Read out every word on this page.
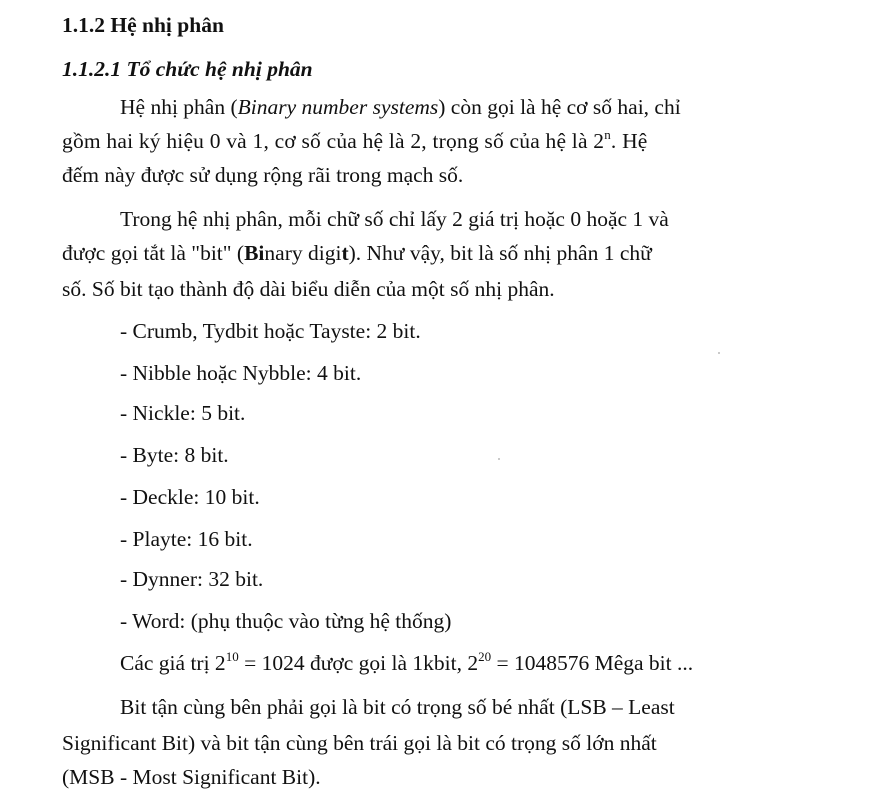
1.1.2 Hệ nhị phân
1.1.2.1 Tổ chức hệ nhị phân
Hệ nhị phân (Binary number systems) còn gọi là hệ cơ số hai, chỉ
gồm hai ký hiệu 0 và 1, cơ số của hệ là 2, trọng số của hệ là 2$^n$. Hệ
đếm này được sử dụng rộng rãi trong mạch số.
Trong hệ nhị phân, mỗi chữ số chỉ lấy 2 giá trị hoặc 0 hoặc 1 và
được gọi tắt là "bit" (Binary digit). Như vậy, bit là số nhị phân 1 chữ
số. Số bit tạo thành độ dài biểu diễn của một số nhị phân.
- Crumb, Tydbit hoặc Tayste: 2 bit.
- Nibble hoặc Nybble: 4 bit.
- Nickle: 5 bit.
- Byte: 8 bit.
- Deckle: 10 bit.
- Playte: 16 bit.
- Dynner: 32 bit.
- Word: (phụ thuộc vào từng hệ thống)
Các giá trị $2^{10} = 1024$ được gọi là 1kbit, $2^{20} = 1048576$ Mêga bit ...
Bit tận cùng bên phải gọi là bit có trọng số bé nhất (LSB – Least
Significant Bit) và bit tận cùng bên trái gọi là bit có trọng số lớn nhất
(MSB - Most Significant Bit).
